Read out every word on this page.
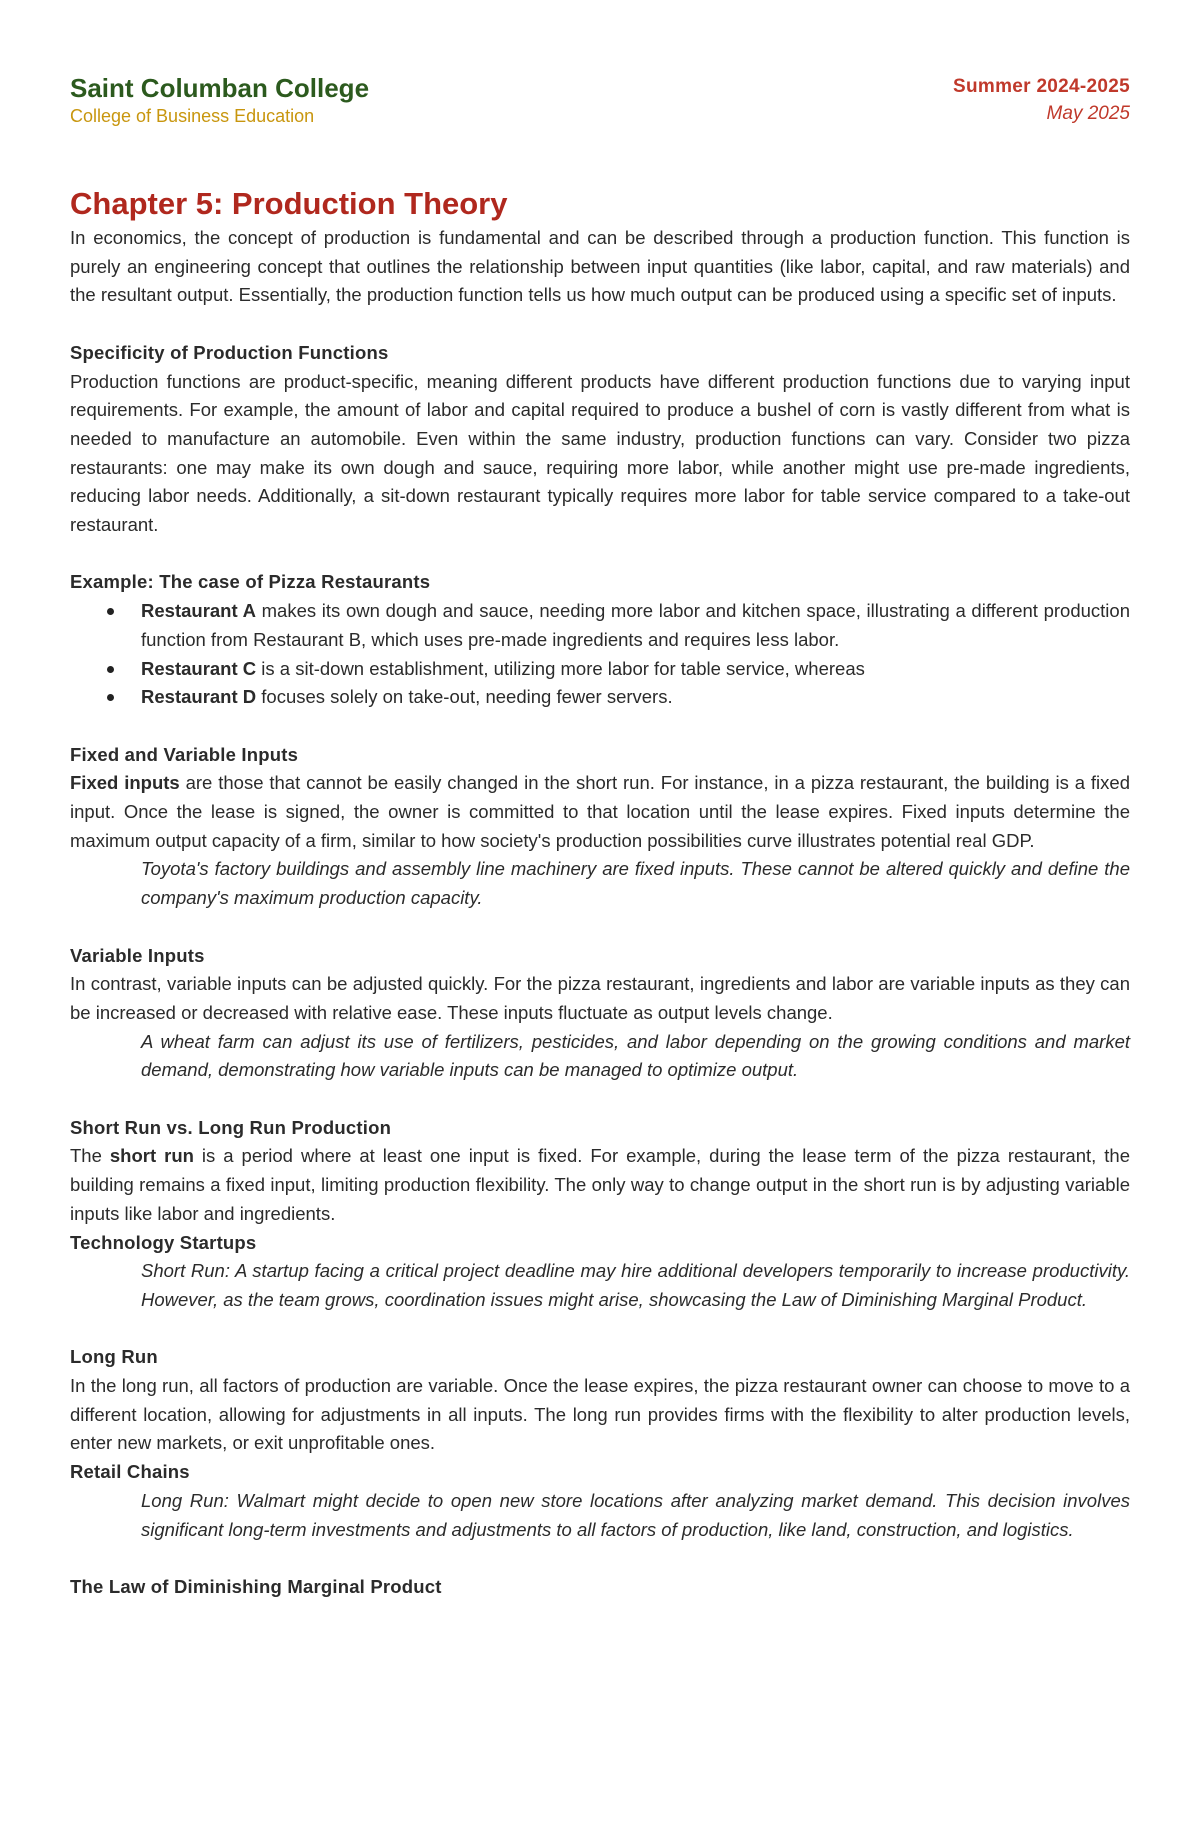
Saint Columban College
College of Business Education
Summer 2024-2025
May 2025
Chapter 5: Production Theory

In economics, the concept of production is fundamental and can be described through a production function. This function is purely an engineering concept that outlines the relationship between input quantities (like labor, capital, and raw materials) and the resultant output. Essentially, the production function tells us how much output can be produced using a specific set of inputs.

Specificity of Production Functions

Production functions are product-specific, meaning different products have different production functions due to varying input requirements. For example, the amount of labor and capital required to produce a bushel of corn is vastly different from what is needed to manufacture an automobile. Even within the same industry, production functions can vary. Consider two pizza restaurants: one may make its own dough and sauce, requiring more labor, while another might use pre-made ingredients, reducing labor needs. Additionally, a sit-down restaurant typically requires more labor for table service compared to a take-out restaurant.

Example: The case of Pizza Restaurants
Restaurant A makes its own dough and sauce, needing more labor and kitchen space, illustrating a different production function from Restaurant B, which uses pre-made ingredients and requires less labor.
Restaurant C is a sit-down establishment, utilizing more labor for table service, whereas
Restaurant D focuses solely on take-out, needing fewer servers.
Fixed and Variable Inputs

Fixed inputs are those that cannot be easily changed in the short run. For instance, in a pizza restaurant, the building is a fixed input. Once the lease is signed, the owner is committed to that location until the lease expires. Fixed inputs determine the maximum output capacity of a firm, similar to how society's production possibilities curve illustrates potential real GDP.

Toyota's factory buildings and assembly line machinery are fixed inputs. These cannot be altered quickly and define the company's maximum production capacity.

Variable Inputs

In contrast, variable inputs can be adjusted quickly. For the pizza restaurant, ingredients and labor are variable inputs as they can be increased or decreased with relative ease. These inputs fluctuate as output levels change.

A wheat farm can adjust its use of fertilizers, pesticides, and labor depending on the growing conditions and market demand, demonstrating how variable inputs can be managed to optimize output.

Short Run vs. Long Run Production

The short run is a period where at least one input is fixed. For example, during the lease term of the pizza restaurant, the building remains a fixed input, limiting production flexibility. The only way to change output in the short run is by adjusting variable inputs like labor and ingredients.

Technology Startups

Short Run: A startup facing a critical project deadline may hire additional developers temporarily to increase productivity. However, as the team grows, coordination issues might arise, showcasing the Law of Diminishing Marginal Product.

Long Run

In the long run, all factors of production are variable. Once the lease expires, the pizza restaurant owner can choose to move to a different location, allowing for adjustments in all inputs. The long run provides firms with the flexibility to alter production levels, enter new markets, or exit unprofitable ones.

Retail Chains

Long Run: Walmart might decide to open new store locations after analyzing market demand. This decision involves significant long-term investments and adjustments to all factors of production, like land, construction, and logistics.

The Law of Diminishing Marginal Product
